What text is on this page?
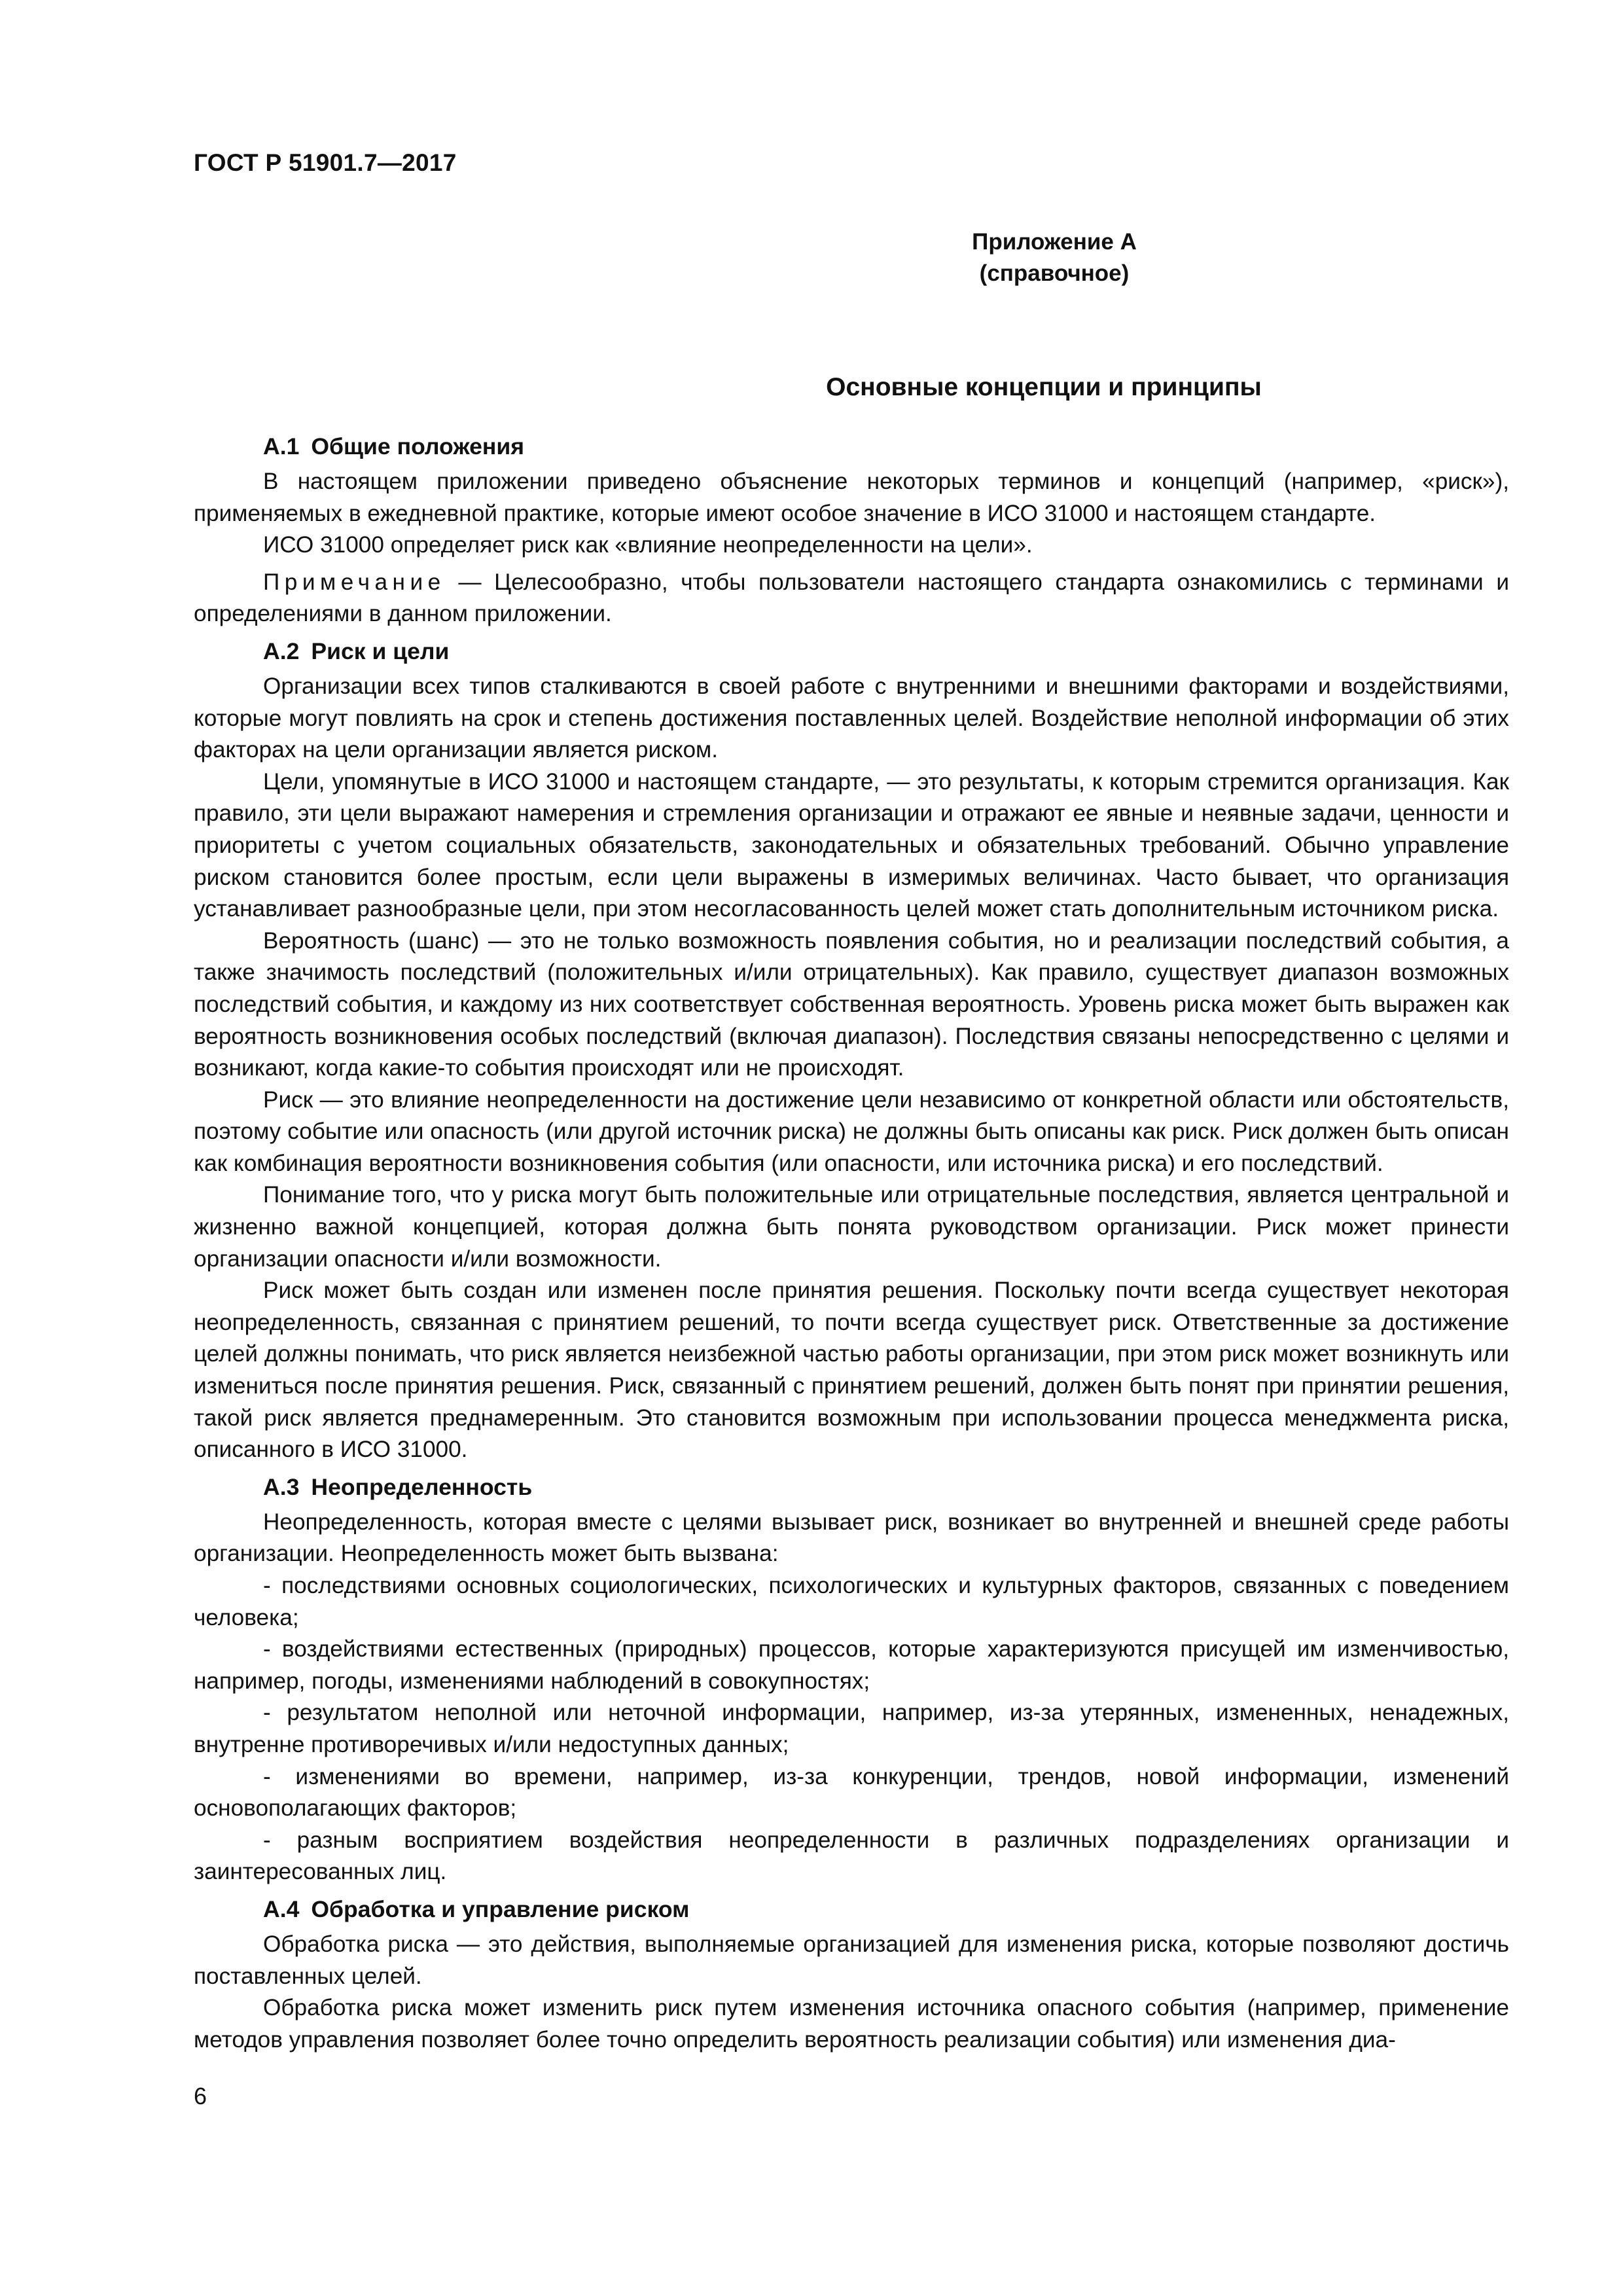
ГОСТ Р 51901.7—2017
Приложение А
(справочное)
Основные концепции и принципы
А.1 Общие положения

В настоящем приложении приведено объяснение некоторых терминов и концепций (например, «риск»), применяемых в ежедневной практике, которые имеют особое значение в ИСО 31000 и настоящем стандарте.

ИСО 31000 определяет риск как «влияние неопределенности на цели».

Примечание — Целесообразно, чтобы пользователи настоящего стандарта ознакомились с терминами и определениями в данном приложении.

А.2 Риск и цели

Организации всех типов сталкиваются в своей работе с внутренними и внешними факторами и воздействиями, которые могут повлиять на срок и степень достижения поставленных целей. Воздействие неполной информации об этих факторах на цели организации является риском.

Цели, упомянутые в ИСО 31000 и настоящем стандарте, — это результаты, к которым стремится организация. Как правило, эти цели выражают намерения и стремления организации и отражают ее явные и неявные задачи, ценности и приоритеты с учетом социальных обязательств, законодательных и обязательных требований. Обычно управление риском становится более простым, если цели выражены в измеримых величинах. Часто бывает, что организация устанавливает разнообразные цели, при этом несогласованность целей может стать дополнительным источником риска.

Вероятность (шанс) — это не только возможность появления события, но и реализации последствий события, а также значимость последствий (положительных и/или отрицательных). Как правило, существует диапазон возможных последствий события, и каждому из них соответствует собственная вероятность. Уровень риска может быть выражен как вероятность возникновения особых последствий (включая диапазон). Последствия связаны непосредственно с целями и возникают, когда какие-то события происходят или не происходят.

Риск — это влияние неопределенности на достижение цели независимо от конкретной области или обстоятельств, поэтому событие или опасность (или другой источник риска) не должны быть описаны как риск. Риск должен быть описан как комбинация вероятности возникновения события (или опасности, или источника риска) и его последствий.

Понимание того, что у риска могут быть положительные или отрицательные последствия, является центральной и жизненно важной концепцией, которая должна быть понята руководством организации. Риск может принести организации опасности и/или возможности.

Риск может быть создан или изменен после принятия решения. Поскольку почти всегда существует некоторая неопределенность, связанная с принятием решений, то почти всегда существует риск. Ответственные за достижение целей должны понимать, что риск является неизбежной частью работы организации, при этом риск может возникнуть или измениться после принятия решения. Риск, связанный с принятием решений, должен быть понят при принятии решения, такой риск является преднамеренным. Это становится возможным при использовании процесса менеджмента риска, описанного в ИСО 31000.

А.3 Неопределенность

Неопределенность, которая вместе с целями вызывает риск, возникает во внутренней и внешней среде работы организации. Неопределенность может быть вызвана:

- последствиями основных социологических, психологических и культурных факторов, связанных с поведением человека;

- воздействиями естественных (природных) процессов, которые характеризуются присущей им изменчивостью, например, погоды, изменениями наблюдений в совокупностях;

- результатом неполной или неточной информации, например, из-за утерянных, измененных, ненадежных, внутренне противоречивых и/или недоступных данных;

- изменениями во времени, например, из-за конкуренции, трендов, новой информации, изменений основополагающих факторов;

- разным восприятием воздействия неопределенности в различных подразделениях организации и заинтересованных лиц.

А.4 Обработка и управление риском

Обработка риска — это действия, выполняемые организацией для изменения риска, которые позволяют достичь поставленных целей.

Обработка риска может изменить риск путем изменения источника опасного события (например, применение методов управления позволяет более точно определить вероятность реализации события) или изменения диа-

6
